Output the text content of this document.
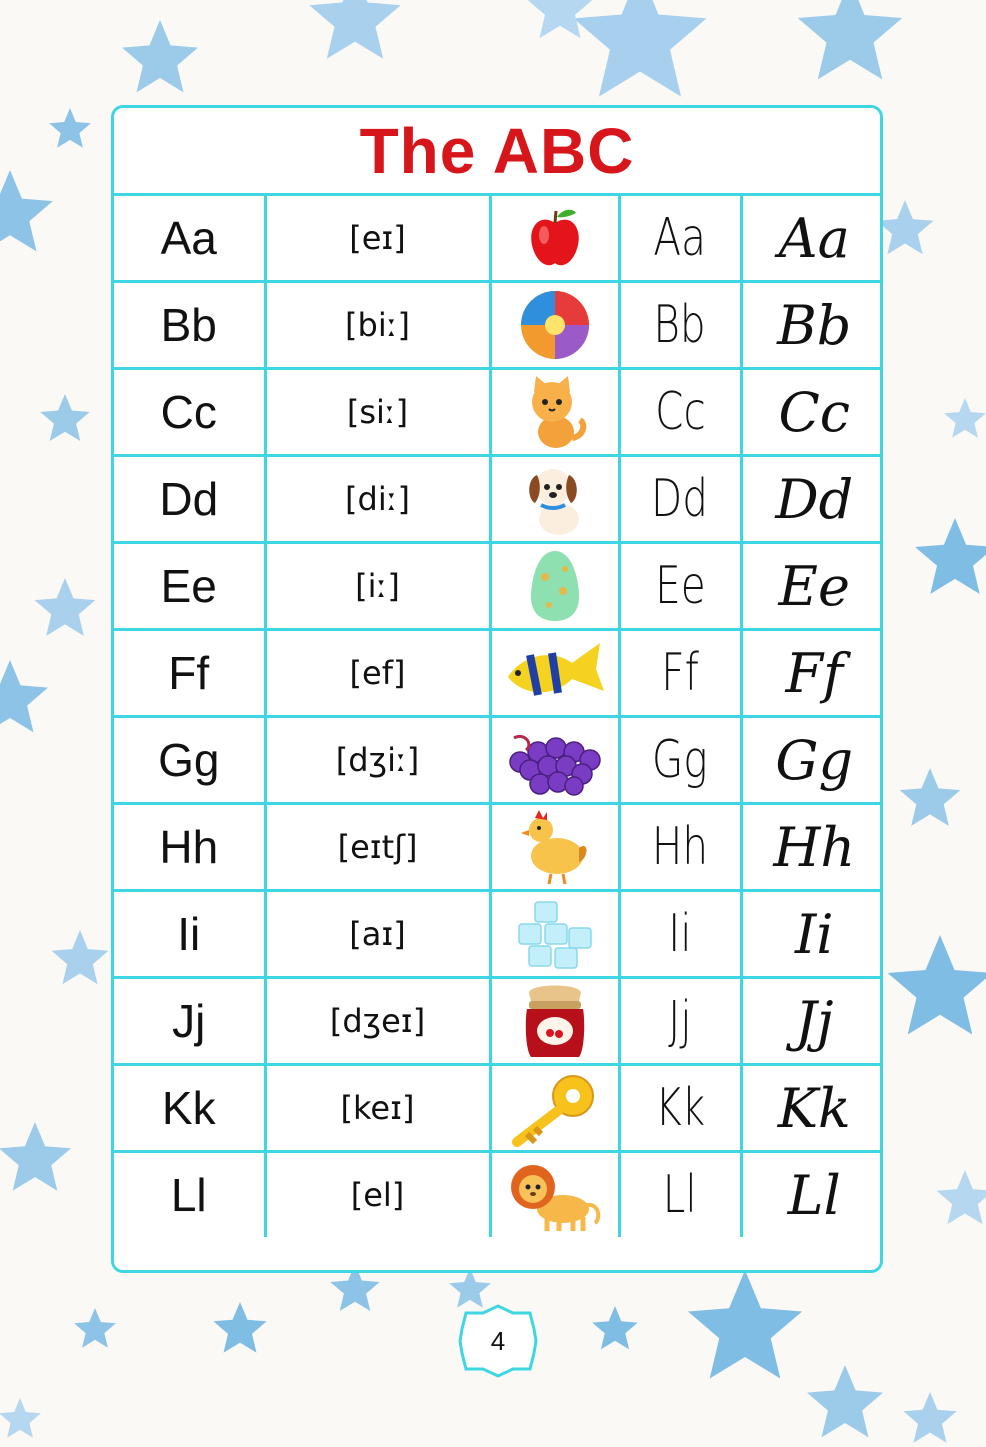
The ABC
Aa	[eɪ]		Aa	Aa
Bb	[biː]		Bb	Bb
Cc	[siː]		Cc	Cc
Dd	[diː]		Dd	Dd
Ee	[iː]		Ee	Ee
Ff	[ef]		Ff	Ff
Gg	[dʒiː]		Gg	Gg
Hh	[eɪtʃ]		Hh	Hh
Ii	[aɪ]		Ii	Ii
Jj	[dʒeɪ]		Jj	Jj
Kk	[keɪ]		Kk	Kk
Ll	[el]		Ll	Ll
4
